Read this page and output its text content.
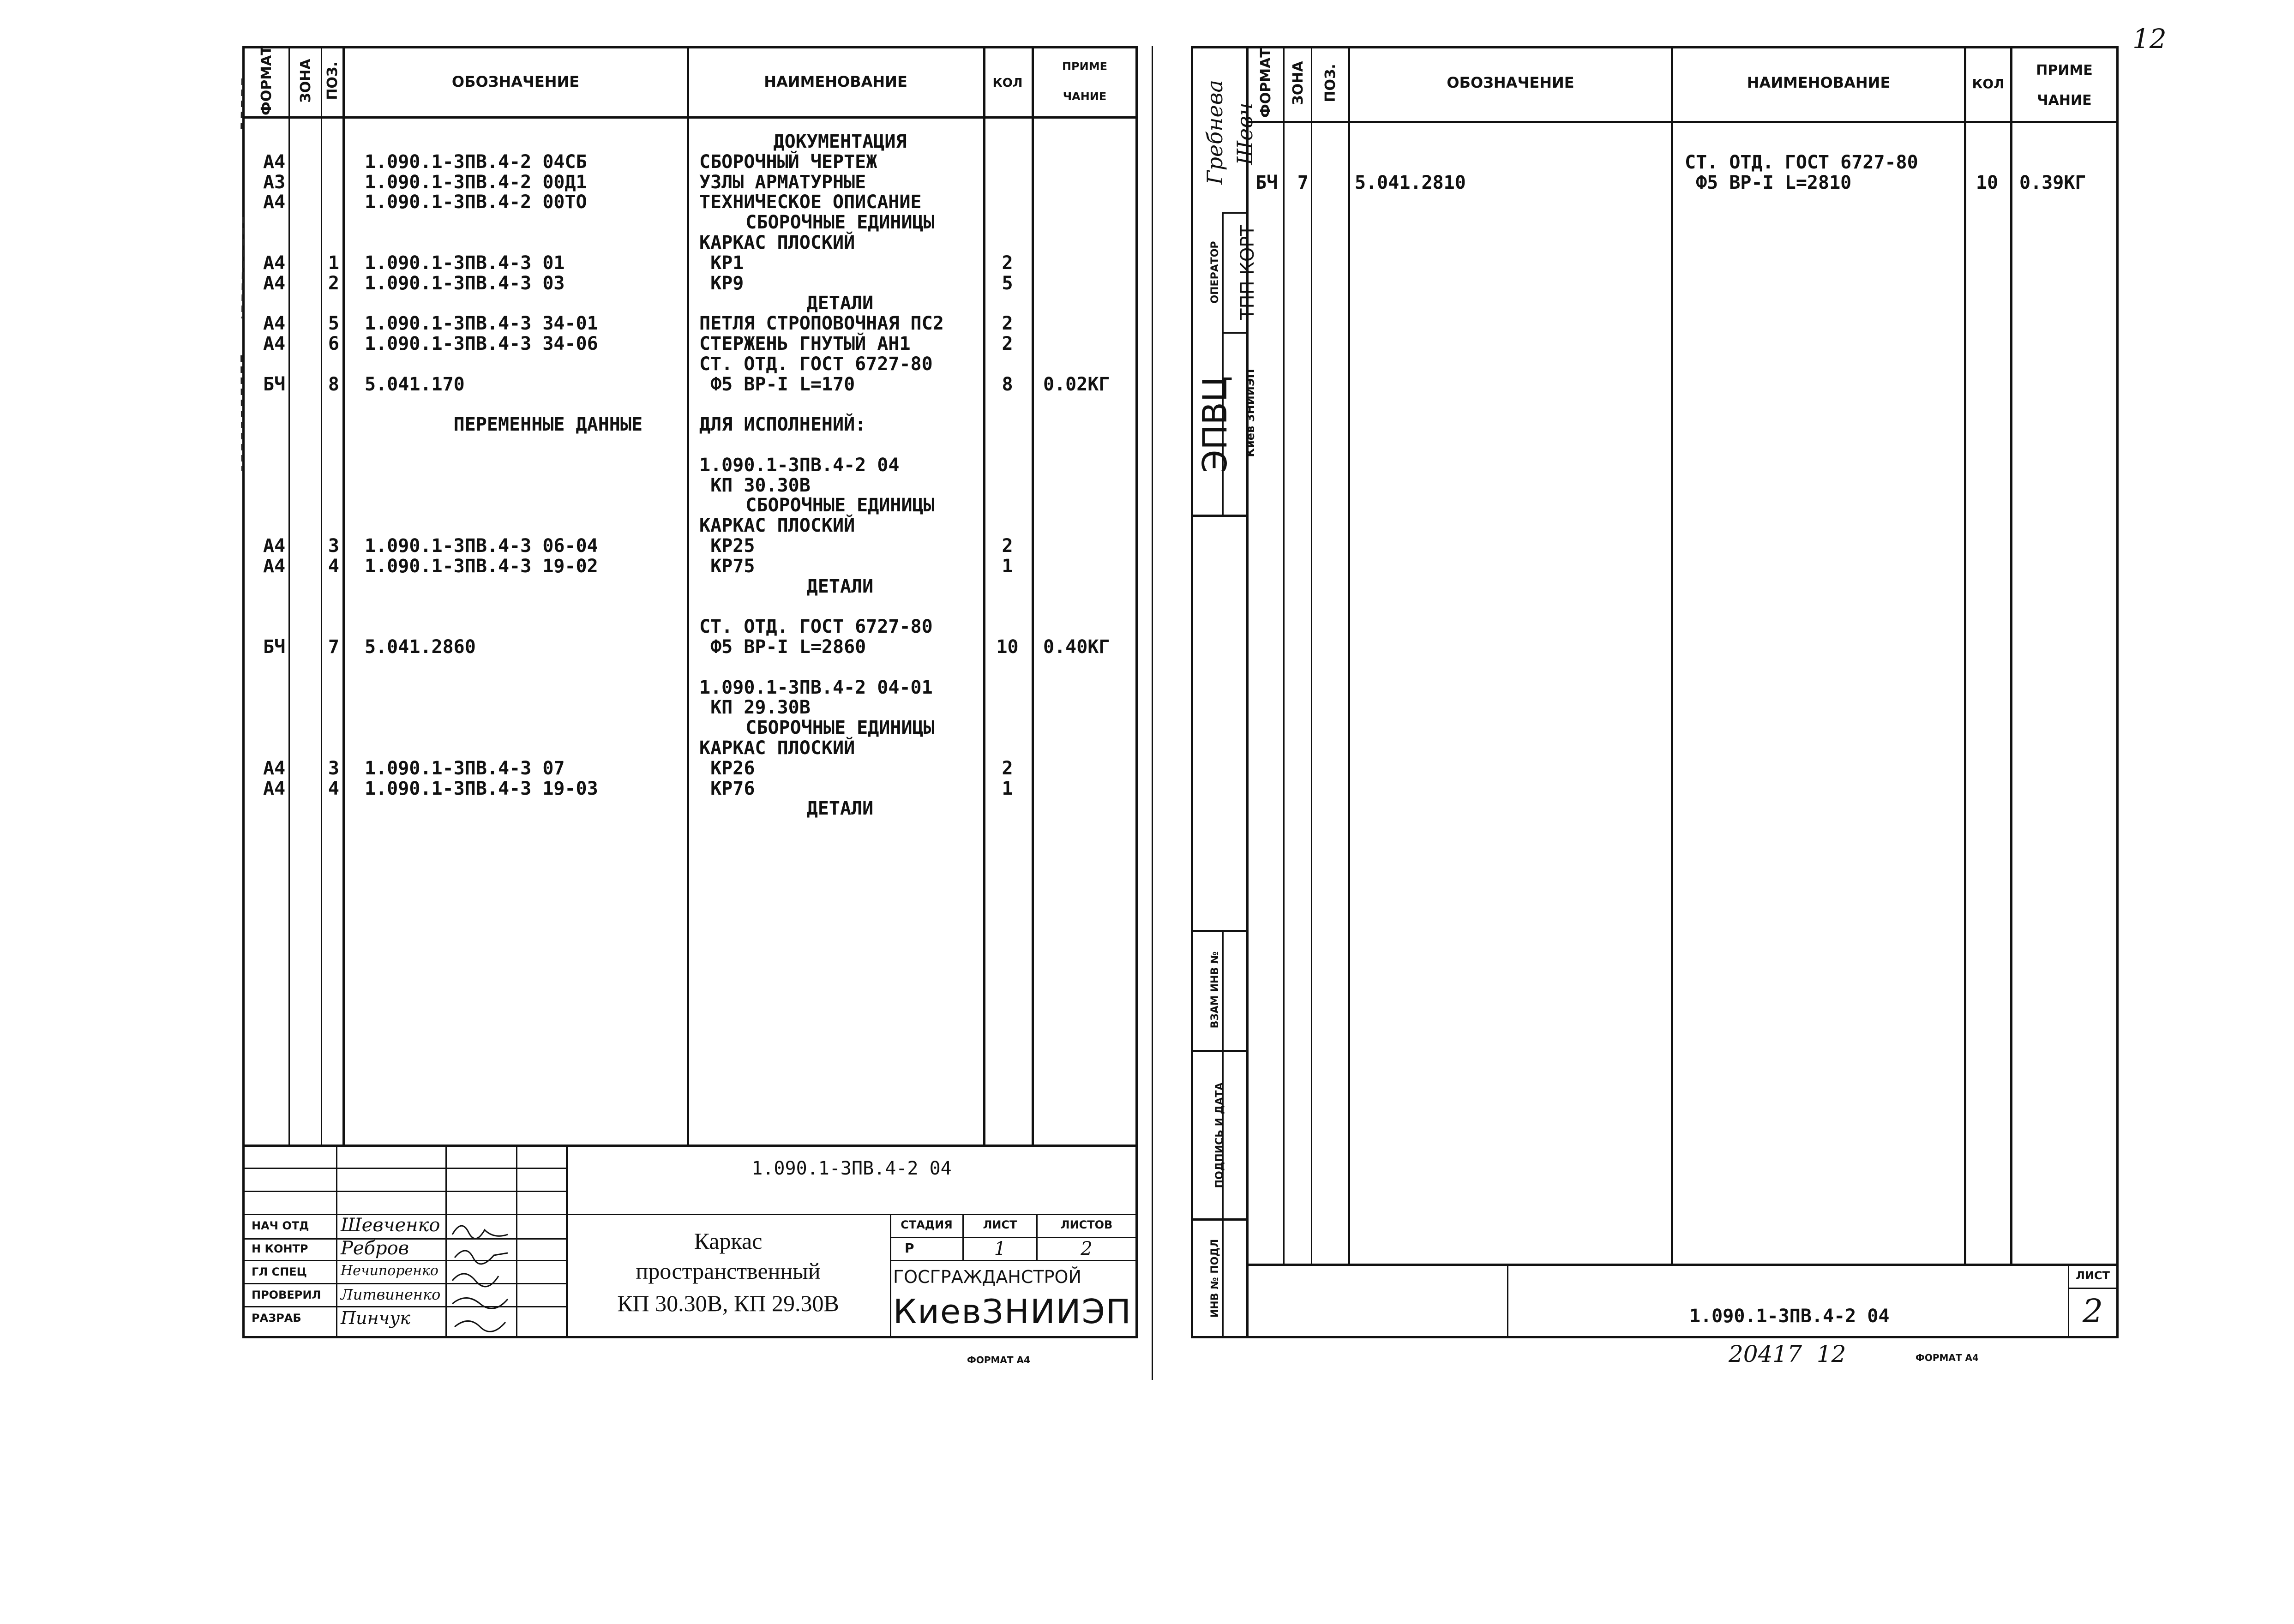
12
ФОРМАТ ЗОНА ПОЗ.	ОБОЗНАЧЕНИЕ	НАИМЕНОВАНИЕ	КОЛ
ПРИМЕ
ЧАНИЕ
ДОКУМЕНТАЦИЯ
А4	1.090.1-3ПВ.4-2 04СБ	СБОРОЧНЫЙ ЧЕРТЕЖ
А3	1.090.1-3ПВ.4-2 00Д1	УЗЛЫ АРМАТУРНЫЕ
А4	1.090.1-3ПВ.4-2 00ТО	ТЕХНИЧЕСКОЕ ОПИСАНИЕ
СБОРОЧНЫЕ ЕДИНИЦЫ
КАРКАС ПЛОСКИЙ
А4	1 1.090.1-3ПВ.4-3 01	КР1	2
А4	2 1.090.1-3ПВ.4-3 03	КР9	5
ДЕТАЛИ
А4	5 1.090.1-3ПВ.4-3 34-01	ПЕТЛЯ СТРОПОВОЧНАЯ ПС2	2
А4	6 1.090.1-3ПВ.4-3 34-06	СТЕРЖЕНЬ ГНУТЫЙ АН1	2
СТ. ОТД. ГОСТ 6727-80
БЧ	8 5.041.170	Ф5 ВР-I L=170	8	0.02КГ
ПЕРЕМЕННЫЕ ДАННЫЕ	ДЛЯ ИСПОЛНЕНИЙ:
1.090.1-3ПВ.4-2 04
КП 30.30В
СБОРОЧНЫЕ ЕДИНИЦЫ
КАРКАС ПЛОСКИЙ
А4	3 1.090.1-3ПВ.4-3 06-04	КР25	2
А4	4 1.090.1-3ПВ.4-3 19-02	КР75	1
ДЕТАЛИ
СТ. ОТД. ГОСТ 6727-80
БЧ	7 5.041.2860	Ф5 ВР-I L=2860	10	0.40КГ
1.090.1-3ПВ.4-2 04-01
КП 29.30В
СБОРОЧНЫЕ ЕДИНИЦЫ
КАРКАС ПЛОСКИЙ
А4	3 1.090.1-3ПВ.4-3 07	КР26	2
А4	4 1.090.1-3ПВ.4-3 19-03	КР76	1
ДЕТАЛИ
1.090.1-3ПВ.4-2 04
НАЧ ОТД
Н КОНТР
ГЛ СПЕЦ
ПРОВЕРИЛ
РАЗРАБ
Шевченко
Ребров
Нечипоренко
Литвиненко
Пинчук
Каркас
пространственный
КП 30.30В, КП 29.30В
СТАДИЯ	ЛИСТ	ЛИСТОВ
Р	1	2
ГОСГРАЖДАНСТРОЙ
КиевЗНИИЭП
ФОРМАТ А4
ФОРМАТ ЗОНА ПОЗ.	ОБОЗНАЧЕНИЕ	НАИМЕНОВАНИЕ	КОЛ
ПРИМЕ
ЧАНИЕ
СТ. ОТД. ГОСТ 6727-80
БЧ	7	5.041.2810	Ф5 ВР-I L=2810	10	0.39КГ
Гребнева Шевч
ОПЕРАТОР ТПП КОРТ
ЭПВЦ Киев ЗНИИЭП
ВЗАМ ИНВ №
ПОДПИСЬ И ДАТА
ИНВ № ПОДЛ	1.090.1-3ПВ.4-2 04
ЛИСТ
2
20417  12	ФОРМАТ А4
